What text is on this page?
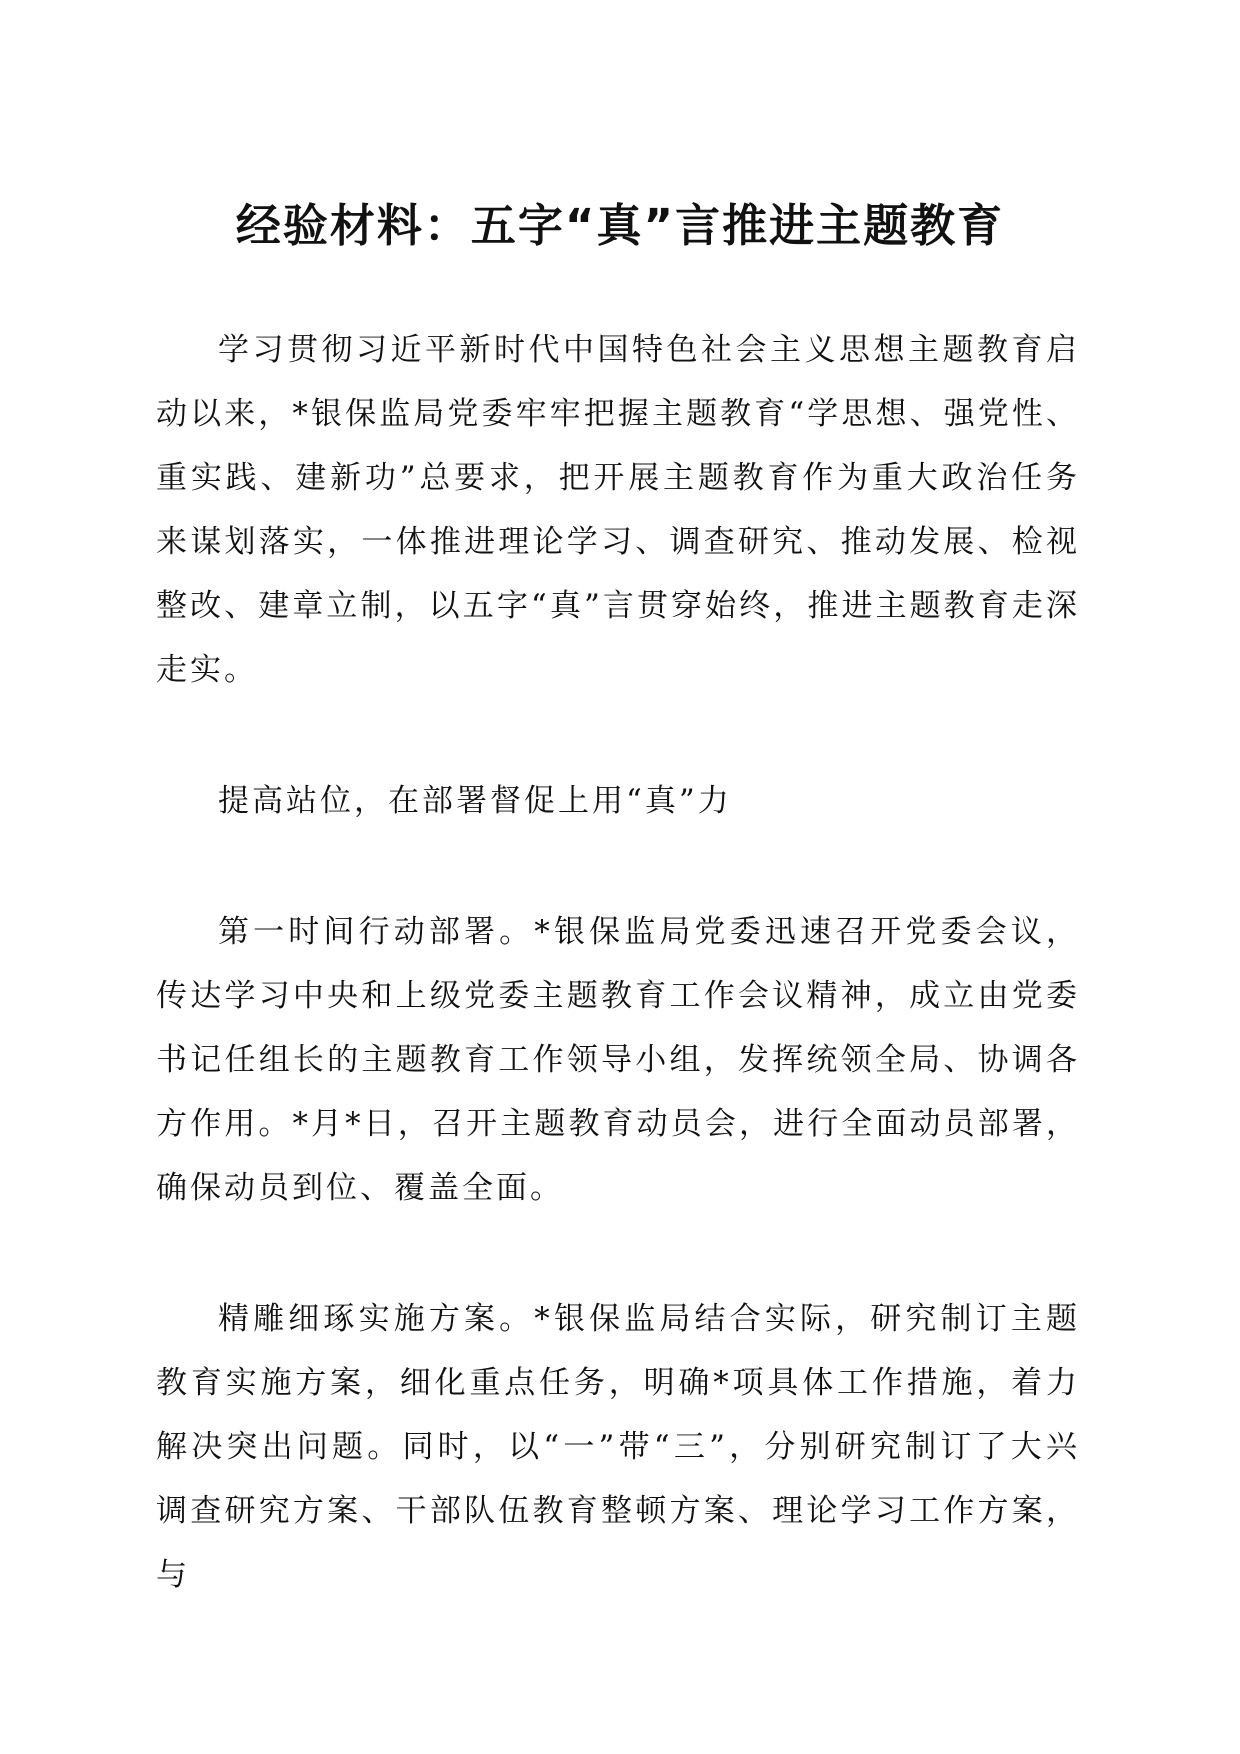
经验材料：五字“真”言推进主题教育

学习贯彻习近平新时代中国特色社会主义思想主题教育启动以来，*银保监局党委牢牢把握主题教育“学思想、强党性、重实践、建新功”总要求，把开展主题教育作为重大政治任务来谋划落实，一体推进理论学习、调查研究、推动发展、检视整改、建章立制，以五字“真”言贯穿始终，推进主题教育走深走实。

提高站位，在部署督促上用“真”力

第一时间行动部署。*银保监局党委迅速召开党委会议，传达学习中央和上级党委主题教育工作会议精神，成立由党委书记任组长的主题教育工作领导小组，发挥统领全局、协调各方作用。*月*日，召开主题教育动员会，进行全面动员部署，确保动员到位、覆盖全面。

精雕细琢实施方案。*银保监局结合实际，研究制订主题教育实施方案，细化重点任务，明确*项具体工作措施，着力解决突出问题。同时，以“一”带“三”，分别研究制订了大兴调查研究方案、干部队伍教育整顿方案、理论学习工作方案，与
